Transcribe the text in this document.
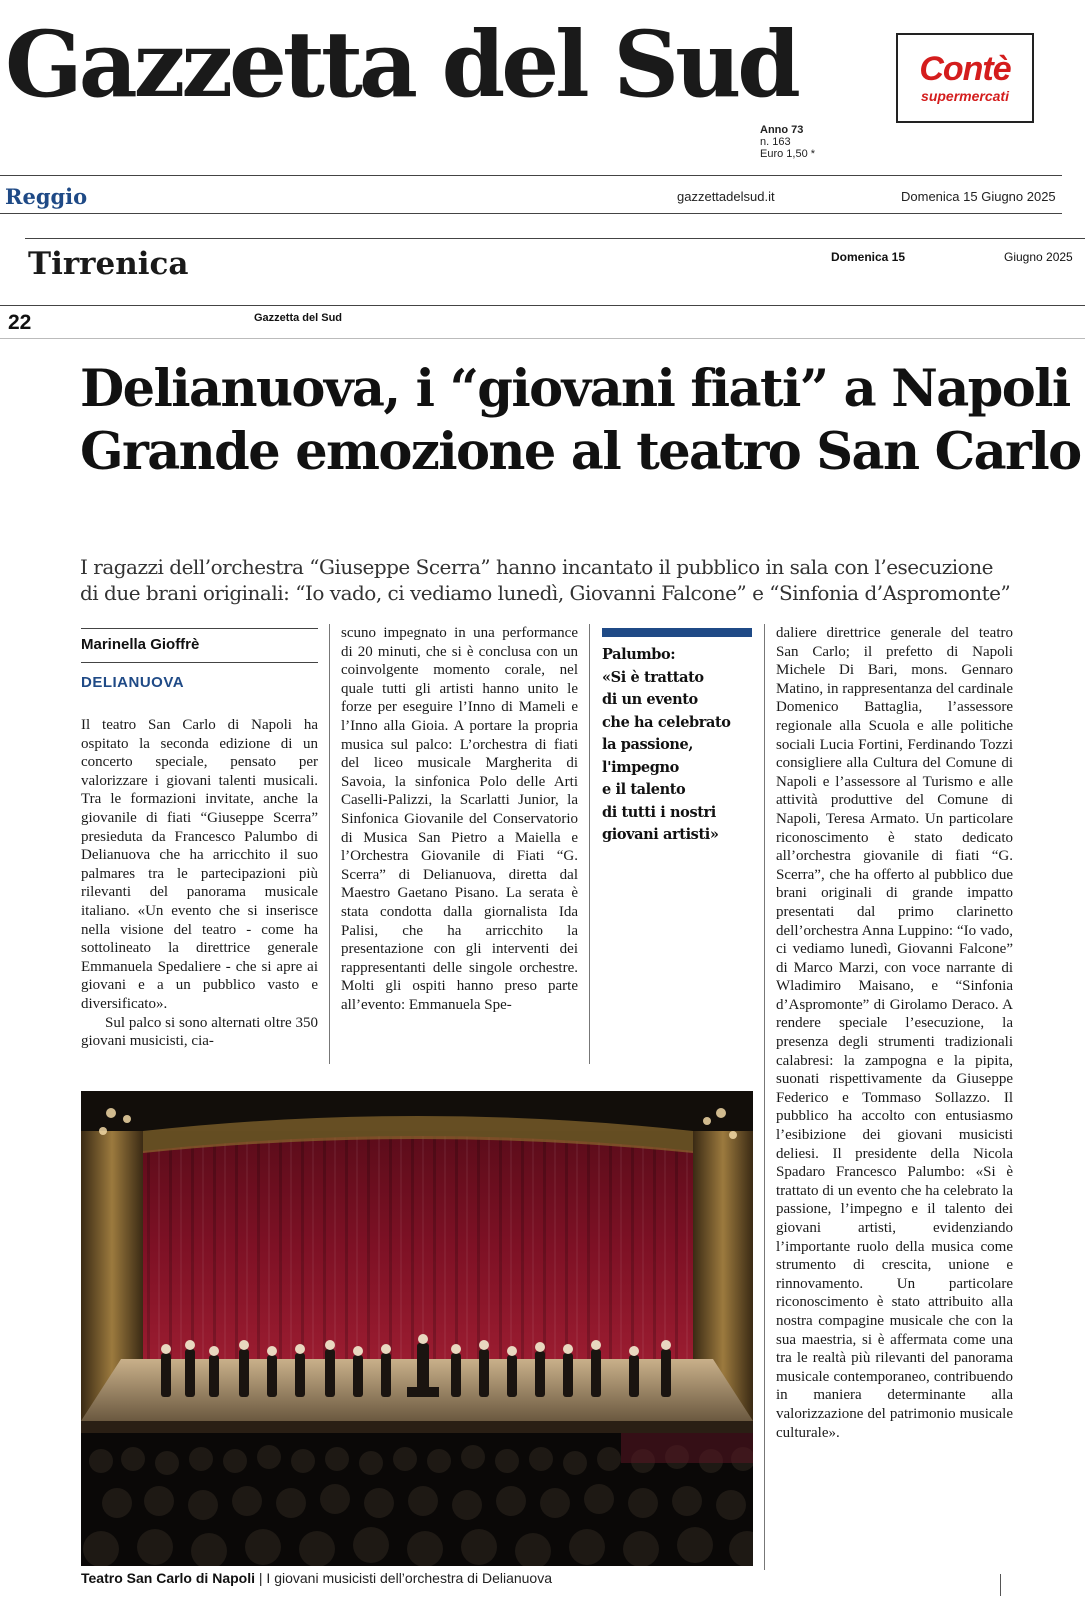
Gazzetta del Sud
Anno 73
n. 163
Euro 1,50 *
Contè
supermercati
Reggio	gazzettadelsud.it	Domenica 15 Giugno 2025
Tirrenica	Domenica 15	Giugno 2025
22	Gazzetta del Sud
Delianuova, i “giovani fiati” a Napoli
Grande emozione al teatro San Carlo
I ragazzi dell’orchestra “Giuseppe Scerra” hanno incantato il pubblico in sala con l’esecuzione
di due brani originali: “Io vado, ci vediamo lunedì, Giovanni Falcone” e “Sinfonia d’Aspromonte”
Marinella Gioffrè
DELIANUOVA

Il teatro San Carlo di Napoli ha ospitato la seconda edizione di un concerto speciale, pensato per valorizzare i giovani talenti musicali. Tra le formazioni invitate, anche la giovanile di fiati “Giuseppe Scerra” presieduta da Francesco Palumbo di Delianuova che ha arricchito il suo palmares tra le partecipazioni più rilevanti del panorama musicale italiano. «Un evento che si inserisce nella visione del teatro - come ha sottolineato la direttrice generale Emmanuela Spedaliere - che si apre ai giovani e a un pubblico vasto e diversificato».

Sul palco si sono alternati oltre 350 giovani musicisti, cia-

scuno impegnato in una performance di 20 minuti, che si è conclusa con un coinvolgente momento corale, nel quale tutti gli artisti hanno unito le forze per eseguire l’Inno di Mameli e l’Inno alla Gioia. A portare la propria musica sul palco: L’orchestra di fiati del liceo musicale Margherita di Savoia, la sinfonica Polo delle Arti Caselli-Palizzi, la Scarlatti Junior, la Sinfonica Giovanile del Conservatorio di Musica San Pietro a Maiella e l’Orchestra Giovanile di Fiati “G. Scerra” di Delianuova, diretta dal Maestro Gaetano Pisano. La serata è stata condotta dalla giornalista Ida Palisi, che ha arricchito la presentazione con gli interventi dei rappresentanti delle singole orchestre. Molti gli ospiti hanno preso parte all’evento: Emmanuela Spe-

Palumbo:
«Si è trattato
di un evento
che ha celebrato
la passione,
l'impegno
e il talento
di tutti i nostri
giovani artisti»

daliere direttrice generale del teatro San Carlo; il prefetto di Napoli Michele Di Bari, mons. Gennaro Matino, in rappresentanza del cardinale Domenico Battaglia, l’assessore regionale alla Scuola e alle politiche sociali Lucia Fortini, Ferdinando Tozzi consigliere alla Cultura del Comune di Napoli e l’assessore al Turismo e alle attività produttive del Comune di Napoli, Teresa Armato. Un particolare riconoscimento è stato dedicato all’orchestra giovanile di fiati “G. Scerra”, che ha offerto al pubblico due brani originali di grande impatto presentati dal primo clarinetto dell’orchestra Anna Luppino: “Io vado, ci vediamo lunedì, Giovanni Falcone” di Marco Marzi, con voce narrante di Wladimiro Maisano, e “Sinfonia d’Aspromonte” di Girolamo Deraco. A rendere speciale l’esecuzione, la presenza degli strumenti tradizionali calabresi: la zampogna e la pipita, suonati rispettivamente da Giuseppe Federico e Tommaso Sollazzo. Il pubblico ha accolto con entusiasmo l’esibizione dei giovani musicisti deliesi. Il presidente della Nicola Spadaro Francesco Palumbo: «Si è trattato di un evento che ha celebrato la passione, l’impegno e il talento dei giovani artisti, evidenziando l’importante ruolo della musica come strumento di crescita, unione e rinnovamento. Un particolare riconoscimento è stato attribuito alla nostra compagine musicale che con la sua maestria, si è affermata come una tra le realtà più rilevanti del panorama musicale contemporaneo, contribuendo in maniera determinante alla valorizzazione del patrimonio musicale culturale».

Teatro San Carlo di Napoli | I giovani musicisti dell’orchestra di Delianuova
